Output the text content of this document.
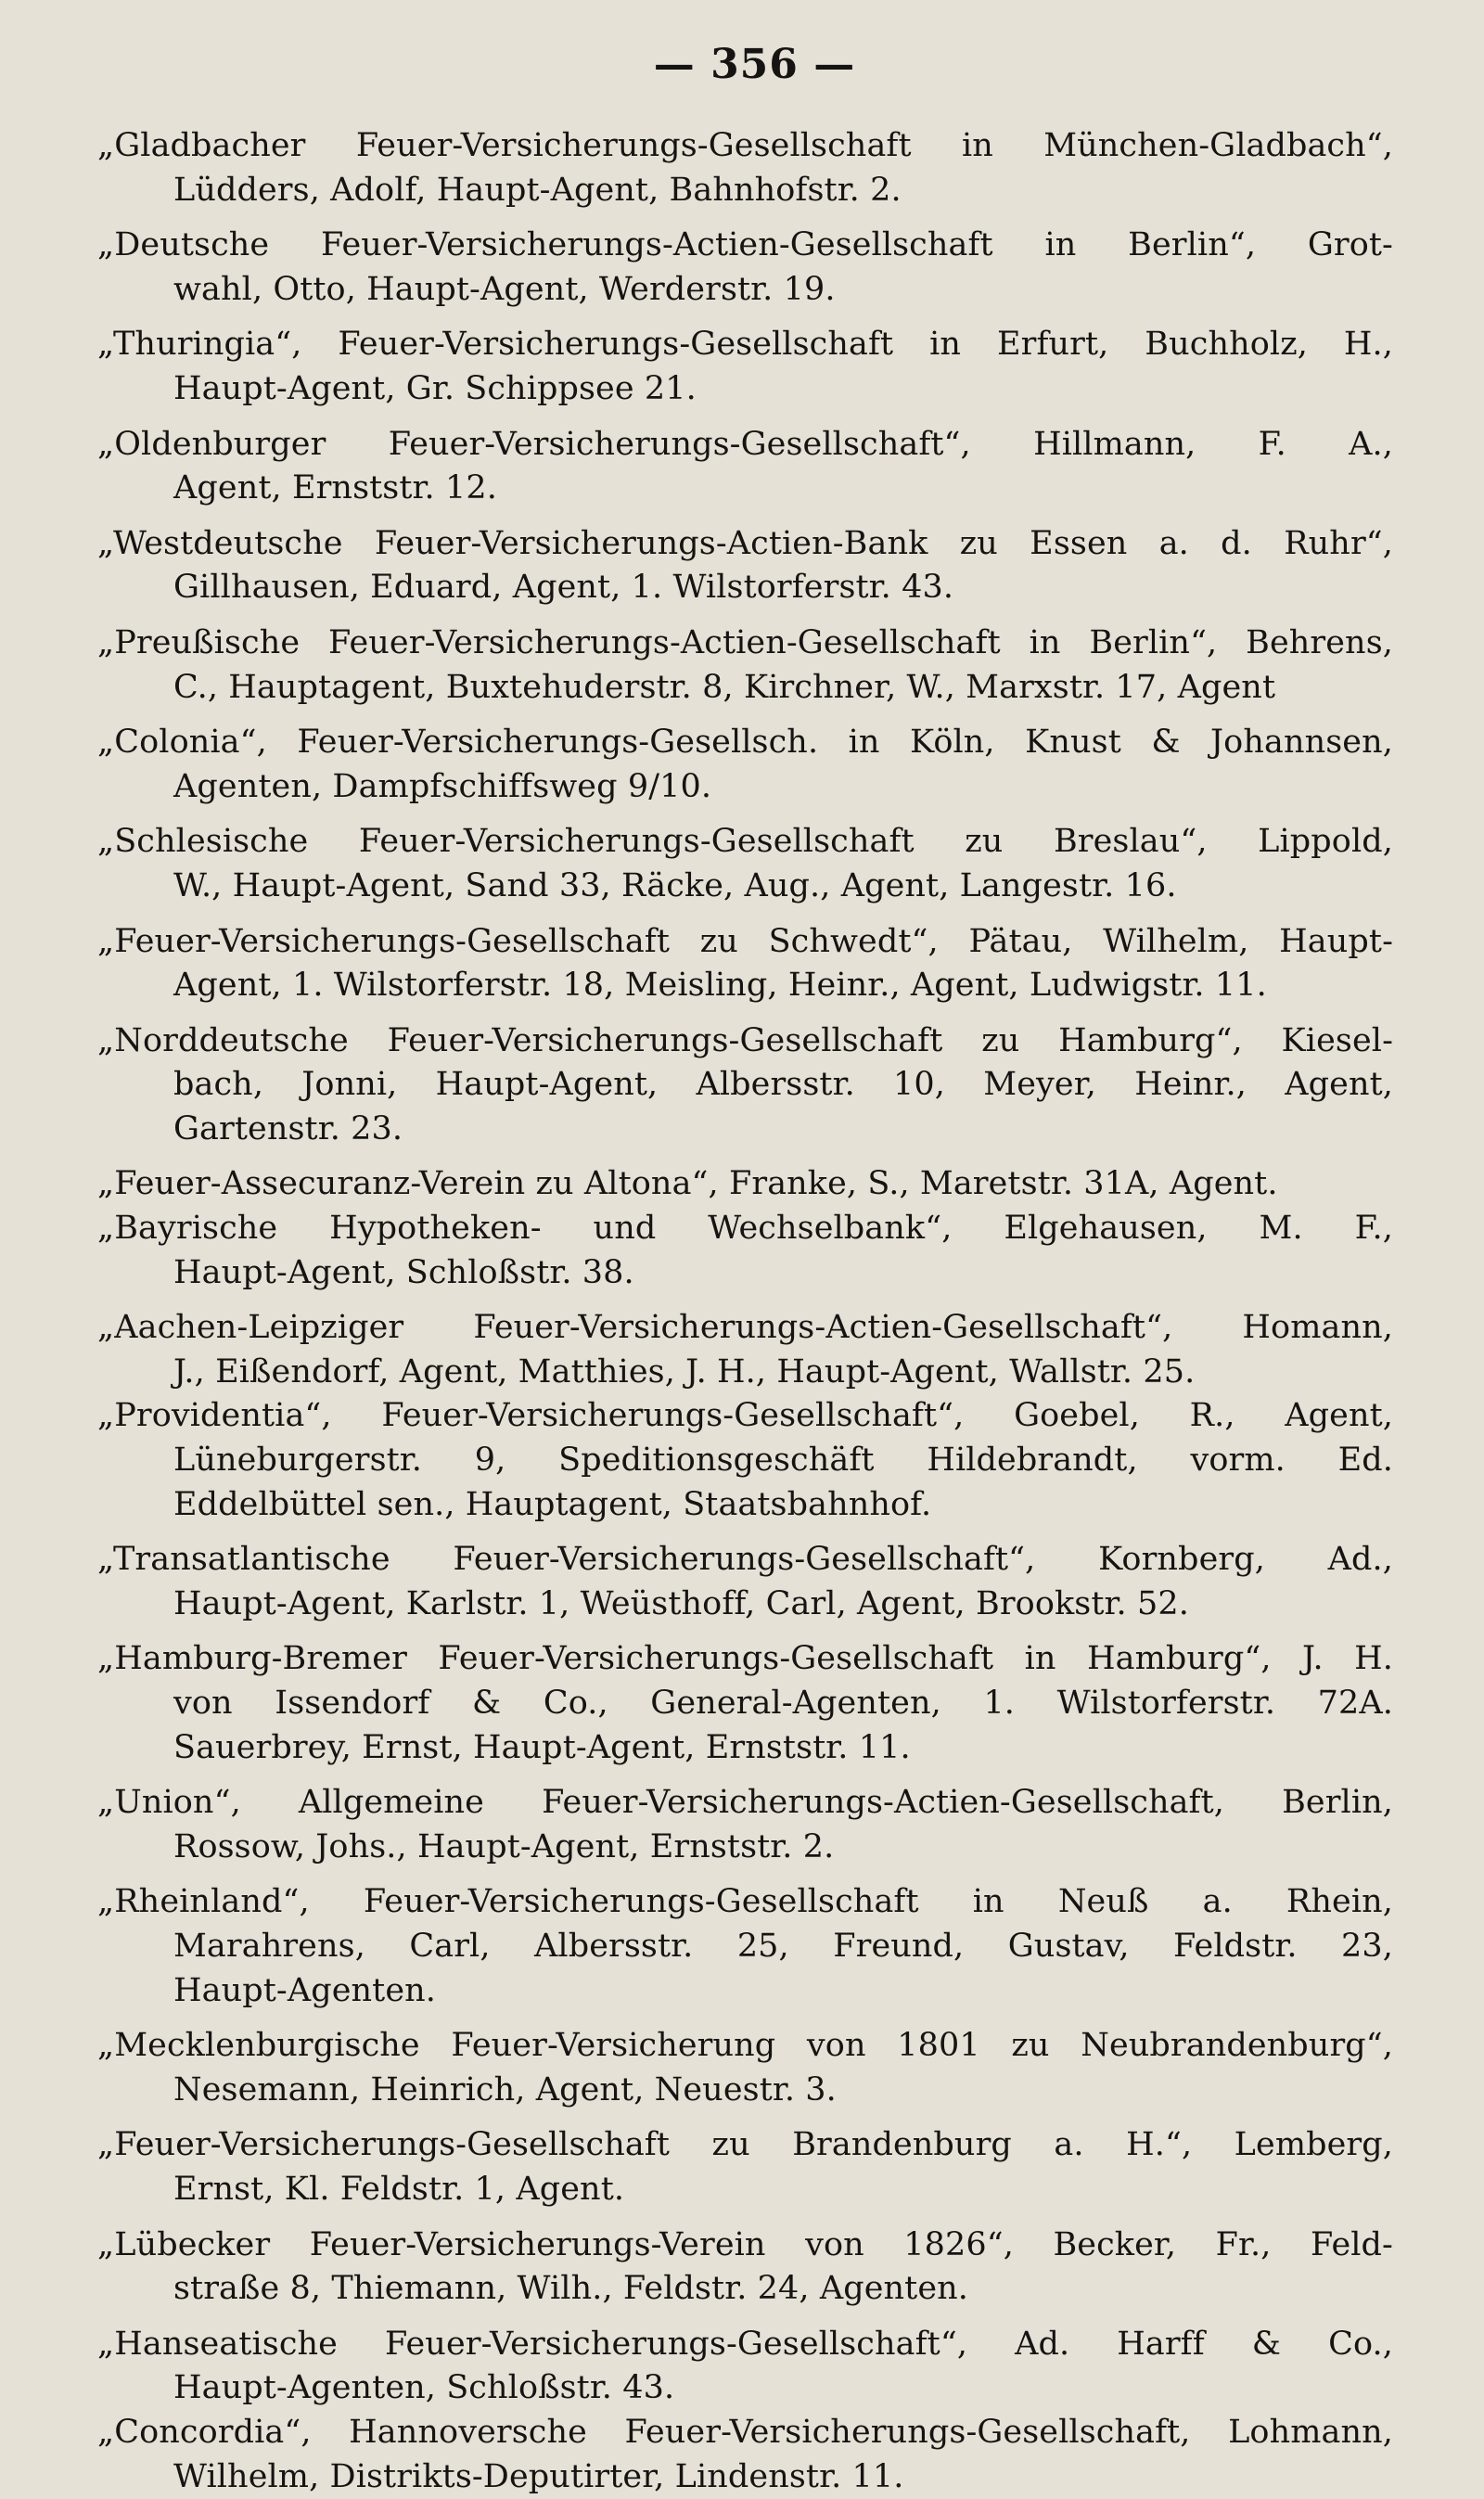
— 356 —
„Gladbacher Feuer-Versicherungs-Gesellschaft in München-Gladbach“,
Lüdders, Adolf, Haupt-Agent, Bahnhofstr. 2.
„Deutsche Feuer-Versicherungs-Actien-Gesellschaft in Berlin“, Grot-
wahl, Otto, Haupt-Agent, Werderstr. 19.
„Thuringia“, Feuer-Versicherungs-Gesellschaft in Erfurt, Buchholz, H.,
Haupt-Agent, Gr. Schippsee 21.
„Oldenburger Feuer-Versicherungs-Gesellschaft“, Hillmann, F. A.,
Agent, Ernststr. 12.
„Westdeutsche Feuer-Versicherungs-Actien-Bank zu Essen a. d. Ruhr“,
Gillhausen, Eduard, Agent, 1. Wilstorferstr. 43.
„Preußische Feuer-Versicherungs-Actien-Gesellschaft in Berlin“, Behrens,
C., Hauptagent, Buxtehuderstr. 8, Kirchner, W., Marxstr. 17, Agent
„Colonia“, Feuer-Versicherungs-Gesellsch. in Köln, Knust & Johannsen,
Agenten, Dampfschiffsweg 9/10.
„Schlesische Feuer-Versicherungs-Gesellschaft zu Breslau“, Lippold,
W., Haupt-Agent, Sand 33, Räcke, Aug., Agent, Langestr. 16.
„Feuer-Versicherungs-Gesellschaft zu Schwedt“, Pätau, Wilhelm, Haupt-
Agent, 1. Wilstorferstr. 18, Meisling, Heinr., Agent, Ludwigstr. 11.
„Norddeutsche Feuer-Versicherungs-Gesellschaft zu Hamburg“, Kiesel-
bach, Jonni, Haupt-Agent, Albersstr. 10, Meyer, Heinr., Agent,
Gartenstr. 23.
„Feuer-Assecuranz-Verein zu Altona“, Franke, S., Maretstr. 31A, Agent.
„Bayrische Hypotheken- und Wechselbank“, Elgehausen, M. F.,
Haupt-Agent, Schloßstr. 38.
„Aachen-Leipziger Feuer-Versicherungs-Actien-Gesellschaft“, Homann,
J., Eißendorf, Agent, Matthies, J. H., Haupt-Agent, Wallstr. 25.
„Providentia“, Feuer-Versicherungs-Gesellschaft“, Goebel, R., Agent,
Lüneburgerstr. 9, Speditionsgeschäft Hildebrandt, vorm. Ed.
Eddelbüttel sen., Hauptagent, Staatsbahnhof.
„Transatlantische Feuer-Versicherungs-Gesellschaft“, Kornberg, Ad.,
Haupt-Agent, Karlstr. 1, Weüsthoff, Carl, Agent, Brookstr. 52.
„Hamburg-Bremer Feuer-Versicherungs-Gesellschaft in Hamburg“, J. H.
von Issendorf & Co., General-Agenten, 1. Wilstorferstr. 72A.
Sauerbrey, Ernst, Haupt-Agent, Ernststr. 11.
„Union“, Allgemeine Feuer-Versicherungs-Actien-Gesellschaft, Berlin,
Rossow, Johs., Haupt-Agent, Ernststr. 2.
„Rheinland“, Feuer-Versicherungs-Gesellschaft in Neuß a. Rhein,
Marahrens, Carl, Albersstr. 25, Freund, Gustav, Feldstr. 23,
Haupt-Agenten.
„Mecklenburgische Feuer-Versicherung von 1801 zu Neubrandenburg“,
Nesemann, Heinrich, Agent, Neuestr. 3.
„Feuer-Versicherungs-Gesellschaft zu Brandenburg a. H.“, Lemberg,
Ernst, Kl. Feldstr. 1, Agent.
„Lübecker Feuer-Versicherungs-Verein von 1826“, Becker, Fr., Feld-
straße 8, Thiemann, Wilh., Feldstr. 24, Agenten.
„Hanseatische Feuer-Versicherungs-Gesellschaft“, Ad. Harff & Co.,
Haupt-Agenten, Schloßstr. 43.
„Concordia“, Hannoversche Feuer-Versicherungs-Gesellschaft, Lohmann,
Wilhelm, Distrikts-Deputirter, Lindenstr. 11.
